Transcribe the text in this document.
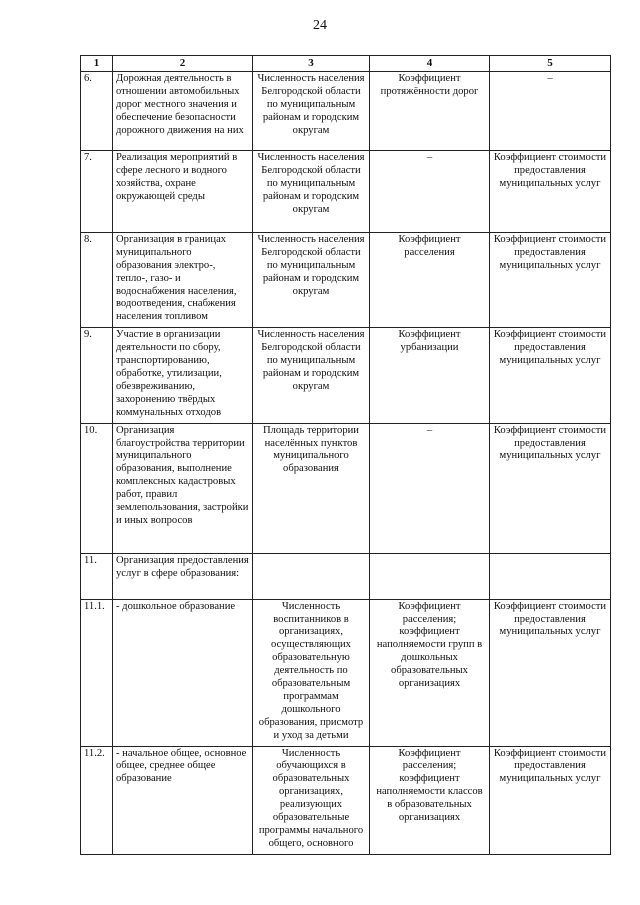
24
1	2	3	4	5
6.	Дорожная деятельность в отношении автомобильных дорог местного значения и обеспечение безопасности дорожного движения на них	Численность населения Белгородской области по муниципальным районам и городским округам	Коэффициент протяжённости дорог	–
7.	Реализация мероприятий в сфере лесного и водного хозяйства, охране окружающей среды	Численность населения Белгородской области по муниципальным районам и городским округам	–	Коэффициент стоимости предоставления муниципальных услуг
8.	Организация в границах муниципального образования электро-, тепло-, газо- и водоснабжения населения, водоотведения, снабжения населения топливом	Численность населения Белгородской области по муниципальным районам и городским округам	Коэффициент расселения	Коэффициент стоимости предоставления муниципальных услуг
9.	Участие в организации деятельности по сбору, транспортированию, обработке, утилизации, обезвреживанию, захоронению твёрдых коммунальных отходов	Численность населения Белгородской области по муниципальным районам и городским округам	Коэффициент урбанизации	Коэффициент стоимости предоставления муниципальных услуг
10.	Организация благоустройства территории муниципального образования, выполнение комплексных кадастровых работ, правил землепользования, застройки и иных вопросов	Площадь территории населённых пунктов муниципального образования	–	Коэффициент стоимости предоставления муниципальных услуг
11.	Организация предоставления услуг в сфере образования:			
11.1.	- дошкольное образование	Численность воспитанников в организациях, осуществляющих образовательную деятельность по образовательным программам дошкольного образования, присмотр и уход за детьми	Коэффициент расселения; коэффициент наполняемости групп в дошкольных образовательных организациях	Коэффициент стоимости предоставления муниципальных услуг
11.2.	- начальное общее, основное общее, среднее общее образование	Численность обучающихся в образовательных организациях, реализующих образовательные программы начального общего, основного	Коэффициент расселения; коэффициент наполняемости классов в образовательных организациях	Коэффициент стоимости предоставления муниципальных услуг
